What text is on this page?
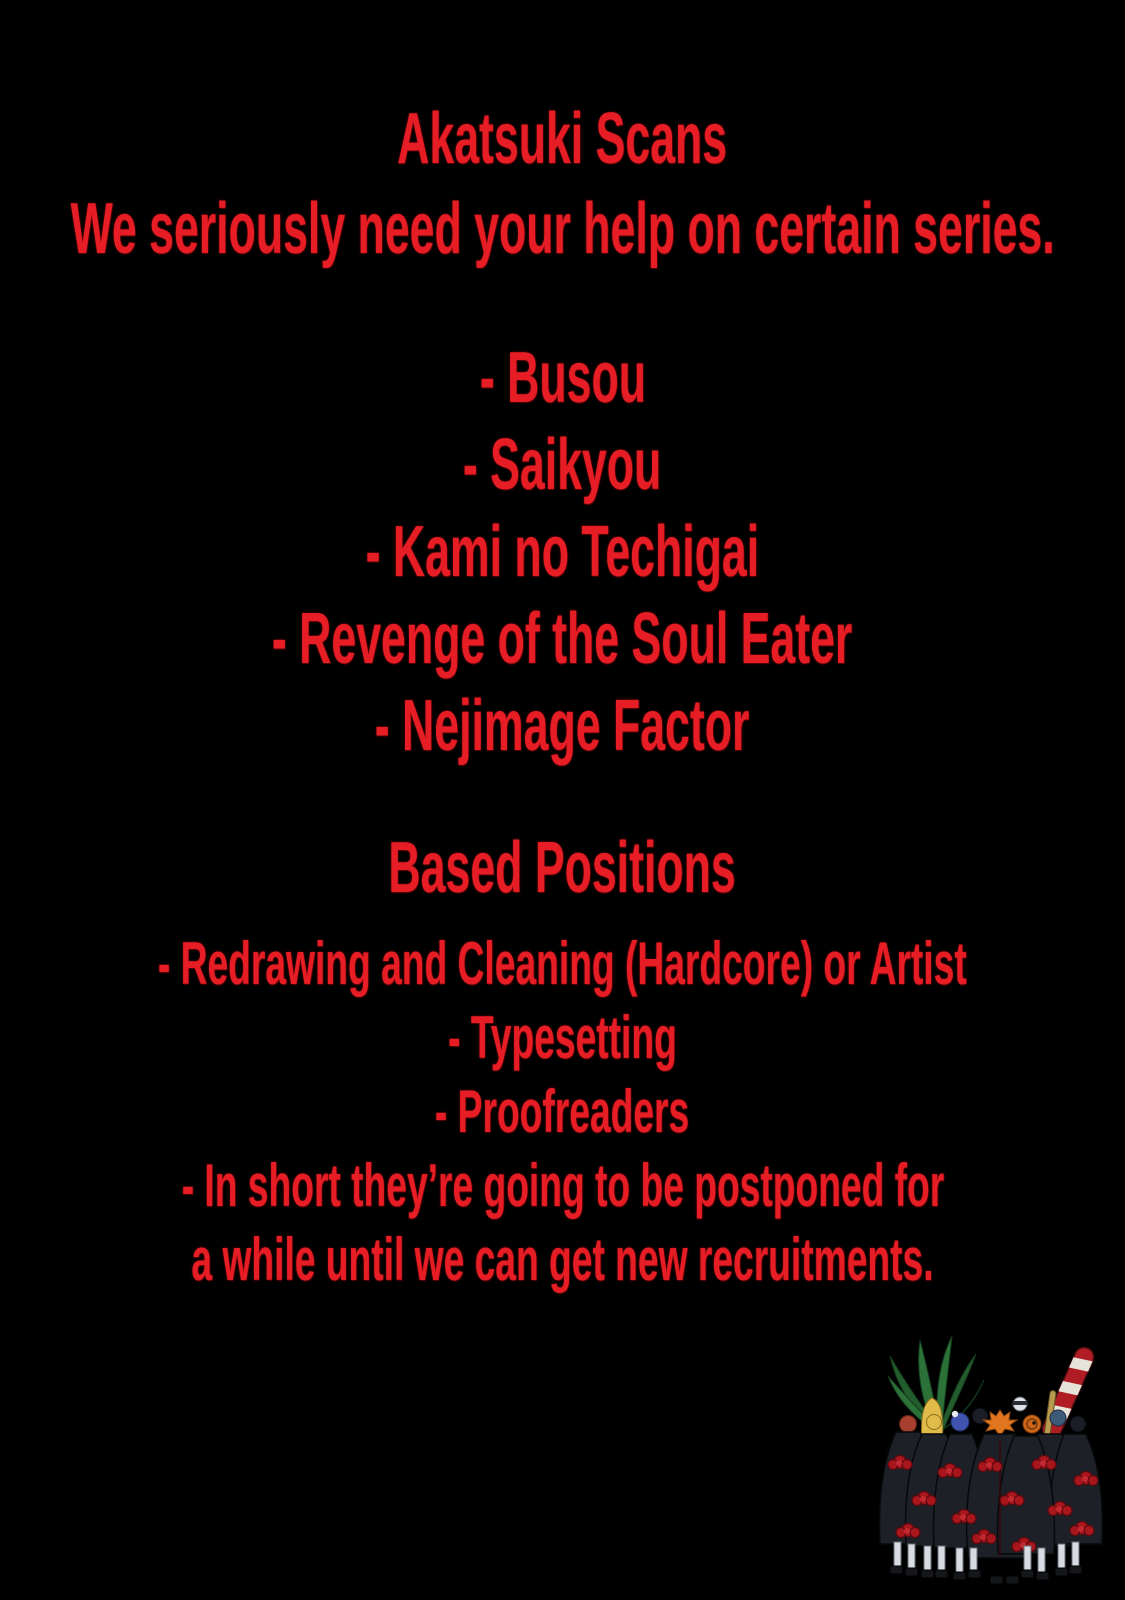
Akatsuki Scans
We seriously need your help on certain series.
- Busou
- Saikyou
- Kami no Techigai
- Revenge of the Soul Eater
- Nejimage Factor
Based Positions
- Redrawing and Cleaning (Hardcore) or Artist
- Typesetting
- Proofreaders
- In short they’re going to be postponed for
a while until we can get new recruitments.
